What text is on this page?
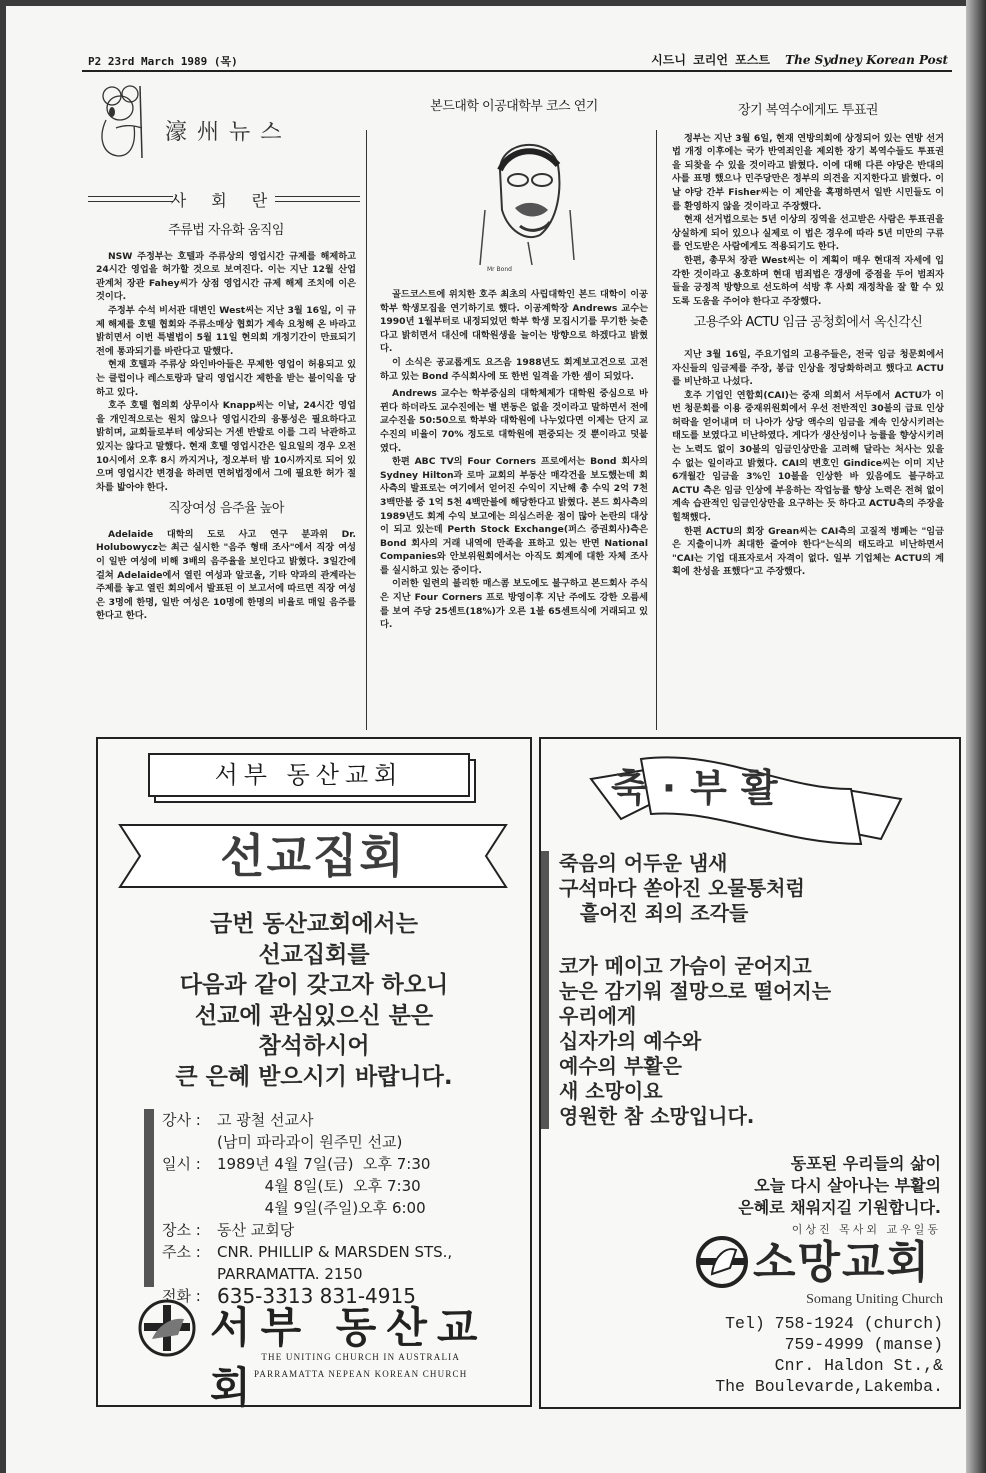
P2 23rd March 1989 (목)	시드니 코리언 포스트 The Sydney Korean Post
濠州뉴스
사 회 란
주류법 자유화 움직임

NSW 주정부는 호텔과 주류상의 영업시간 규제를 해제하고 24시간 영업을 허가할 것으로 보여진다. 이는 지난 12월 산업 관계처 장관 Fahey씨가 상점 영업시간 규제 해제 조치에 이은 것이다.

주정부 수석 비서관 대변인 West씨는 지난 3월 16일, 이 규제 해제를 호텔 협회와 주류소매상 협회가 계속 요청해 온 바라고 밝히면서 이번 특별법이 5월 11일 현의회 개정기간이 만료되기전에 통과되기를 바란다고 말했다.

현재 호텔과 주류상 와인바아들은 무제한 영업이 허용되고 있는 클럽이나 레스토랑과 달리 영업시간 제한을 받는 불이익을 당하고 있다.

호주 호텔 협의회 상무이사 Knapp씨는 이날, 24시간 영업을 개인적으로는 원치 않으나 영업시간의 융통성은 필요하다고 밝히며, 교회들로부터 예상되는 거센 반발로 이를 그리 낙관하고 있지는 않다고 말했다. 현재 호텔 영업시간은 일요일의 경우 오전 10시에서 오후 8시 까지거나, 정오부터 밤 10시까지로 되어 있으며 영업시간 변경을 하려면 면허법정에서 그에 필요한 허가 절차를 밟아야 한다.

직장여성 음주율 높아

Adelaide 대학의 도로 사고 연구 분과위 Dr. Holubowycz는 최근 실시한 "음주 형태 조사"에서 직장 여성이 일반 여성에 비해 3배의 음주율을 보인다고 밝혔다. 3일간에 걸쳐 Adelaide에서 열린 여성과 알코올, 기타 약과의 관계라는 주제를 놓고 열린 회의에서 발표된 이 보고서에 따르면 직장 여성은 3명에 한명, 일반 여성은 10명에 한명의 비율로 매일 음주를 한다고 한다.

본드대학 이공대학부 코스 연기
Mr Bond

골드코스트에 위치한 호주 최초의 사립대학인 본드 대학이 이공학부 학생모집을 연기하기로 했다. 이공계학장 Andrews 교수는 1990년 1월부터로 내정되었던 학부 학생 모집시기를 무기한 늦춘다고 밝히면서 대신에 대학원생을 늘이는 방향으로 하겠다고 밝혔다.

이 소식은 공교롭게도 요즈음 1988년도 회계보고건으로 고전하고 있는 Bond 주식회사에 또 한번 일격을 가한 셈이 되었다.

Andrews 교수는 학부중심의 대학체제가 대학원 중심으로 바뀐다 하더라도 교수진에는 별 변동은 없을 것이라고 말하면서 전에 교수진을 50:50으로 학부와 대학원에 나누었다면 이제는 단지 교수진의 비율이 70% 정도로 대학원에 편중되는 것 뿐이라고 덧붙였다.

한편 ABC TV의 Four Corners 프로에서는 Bond 회사의 Sydney Hilton과 로마 교회의 부동산 매각건을 보도했는데 회사측의 발표로는 여기에서 얻어진 수익이 지난해 총 수익 2억 7천 3백만불 중 1억 5천 4백만불에 해당한다고 밝혔다. 본드 회사측의 1989년도 회계 수익 보고에는 의심스러운 점이 많아 논란의 대상이 되고 있는데 Perth Stock Exchange(퍼스 증권회사)측은 Bond 회사의 거래 내역에 만족을 표하고 있는 반면 National Companies와 안보위원회에서는 아직도 회계에 대한 자체 조사를 실시하고 있는 중이다.

이러한 일련의 불리한 매스콤 보도에도 불구하고 본드회사 주식은 지난 Four Corners 프로 방영이후 지난 주에도 강한 오름세를 보여 주당 25센트(18%)가 오른 1불 65센트식에 거래되고 있다.

장기 복역수에게도 투표권

정부는 지난 3월 6일, 현재 연방의회에 상정되어 있는 연방 선거법 개정 이후에는 국가 반역죄인을 제외한 장기 복역수들도 투표권을 되찾을 수 있을 것이라고 밝혔다. 이에 대해 다른 야당은 반대의사를 표명 했으나 민주당만은 정부의 의견을 지지한다고 밝혔다. 이날 야당 간부 Fisher씨는 이 제안을 혹평하면서 일반 시민들도 이를 환영하지 않을 것이라고 주장했다.

현재 선거법으로는 5년 이상의 징역을 선고받은 사람은 투표권을 상실하게 되어 있으나 실제로 이 법은 경우에 따라 5년 미만의 구류를 언도받은 사람에게도 적용되기도 한다.

한편, 총무처 장관 West씨는 이 계획이 매우 현대적 자세에 입각한 것이라고 옹호하며 현대 범죄법은 갱생에 중점을 두어 범죄자들을 긍정적 방향으로 선도하여 석방 후 사회 재정착을 잘 할 수 있도록 도움을 주어야 한다고 주장했다.

고용주와 ACTU 임금 공청회에서 옥신각신

지난 3월 16일, 주요기업의 고용주들은, 전국 임금 청문회에서 자신들의 임금제를 주장, 봉급 인상을 정당화하려고 했다고 ACTU를 비난하고 나섰다.

호주 기업인 연합회(CAI)는 중재 의회서 서두에서 ACTU가 이번 청문회를 이용 중재위원회에서 우선 전반적인 30불의 급료 인상 허락을 얻어내며 더 나아가 상당 액수의 임금을 계속 인상시키려는 태도를 보였다고 비난하였다. 게다가 생산성이나 능률을 향상시키려는 노력도 없이 30불의 임금인상만을 고려해 달라는 처사는 있을 수 없는 일이라고 밝혔다. CAI의 변호인 Gindice씨는 이미 지난 6개월간 임금을 3%인 10불을 인상한 바 있음에도 불구하고 ACTU 측은 임금 인상에 부응하는 작업능률 향상 노력은 전혀 없이 계속 습관적인 임금인상만을 요구하는 듯 하다고 ACTU측의 주장을 힐책했다.

한편 ACTU의 회장 Grean씨는 CAI측의 고질적 병폐는 "임금은 지출이니까 최대한 줄여야 한다"는식의 태도라고 비난하면서 "CAI는 기업 대표자로서 자격이 없다. 일부 기업체는 ACTU의 계획에 찬성을 표했다"고 주장했다.

서부 동산교회
선교집회
금번 동산교회에서는
선교집회를
다음과 같이 갖고자 하오니
선교에 관심있으신 분은
참석하시어
큰 은혜 받으시기 바랍니다.
강사 :	고 광철 선교사
(남미 파라과이 원주민 선교)
일시 :	1989년 4월 7일(금)  오후 7:30
4월 8일(토)  오후 7:30
4월 9일(주일)오후 6:00
장소 :	동산 교회당
주소 :	CNR. PHILLIP & MARSDEN STS.,
PARRAMATTA. 2150
전화 : 635-3313 831-4915
서부 동산교회
THE UNITING CHURCH IN AUSTRALIA
PARRAMATTA NEPEAN KOREAN CHURCH
축·부활
죽음의 어두운 냄새
구석마다 쏟아진 오물통처럼
흩어진 죄의 조각들
코가 메이고 가슴이 굳어지고
눈은 감기워 절망으로 떨어지는
우리에게
십자가의 예수와
예수의 부활은
새 소망이요
영원한 참 소망입니다.
동포된 우리들의 삶이
오늘 다시 살아나는 부활의
은혜로 채워지길 기원합니다.
이상진 목사외 교우일동
소망교회
Somang Uniting Church
Tel) 758-1924 (church)
759-4999 (manse)
Cnr. Haldon St.,&
The Boulevarde,Lakemba.
